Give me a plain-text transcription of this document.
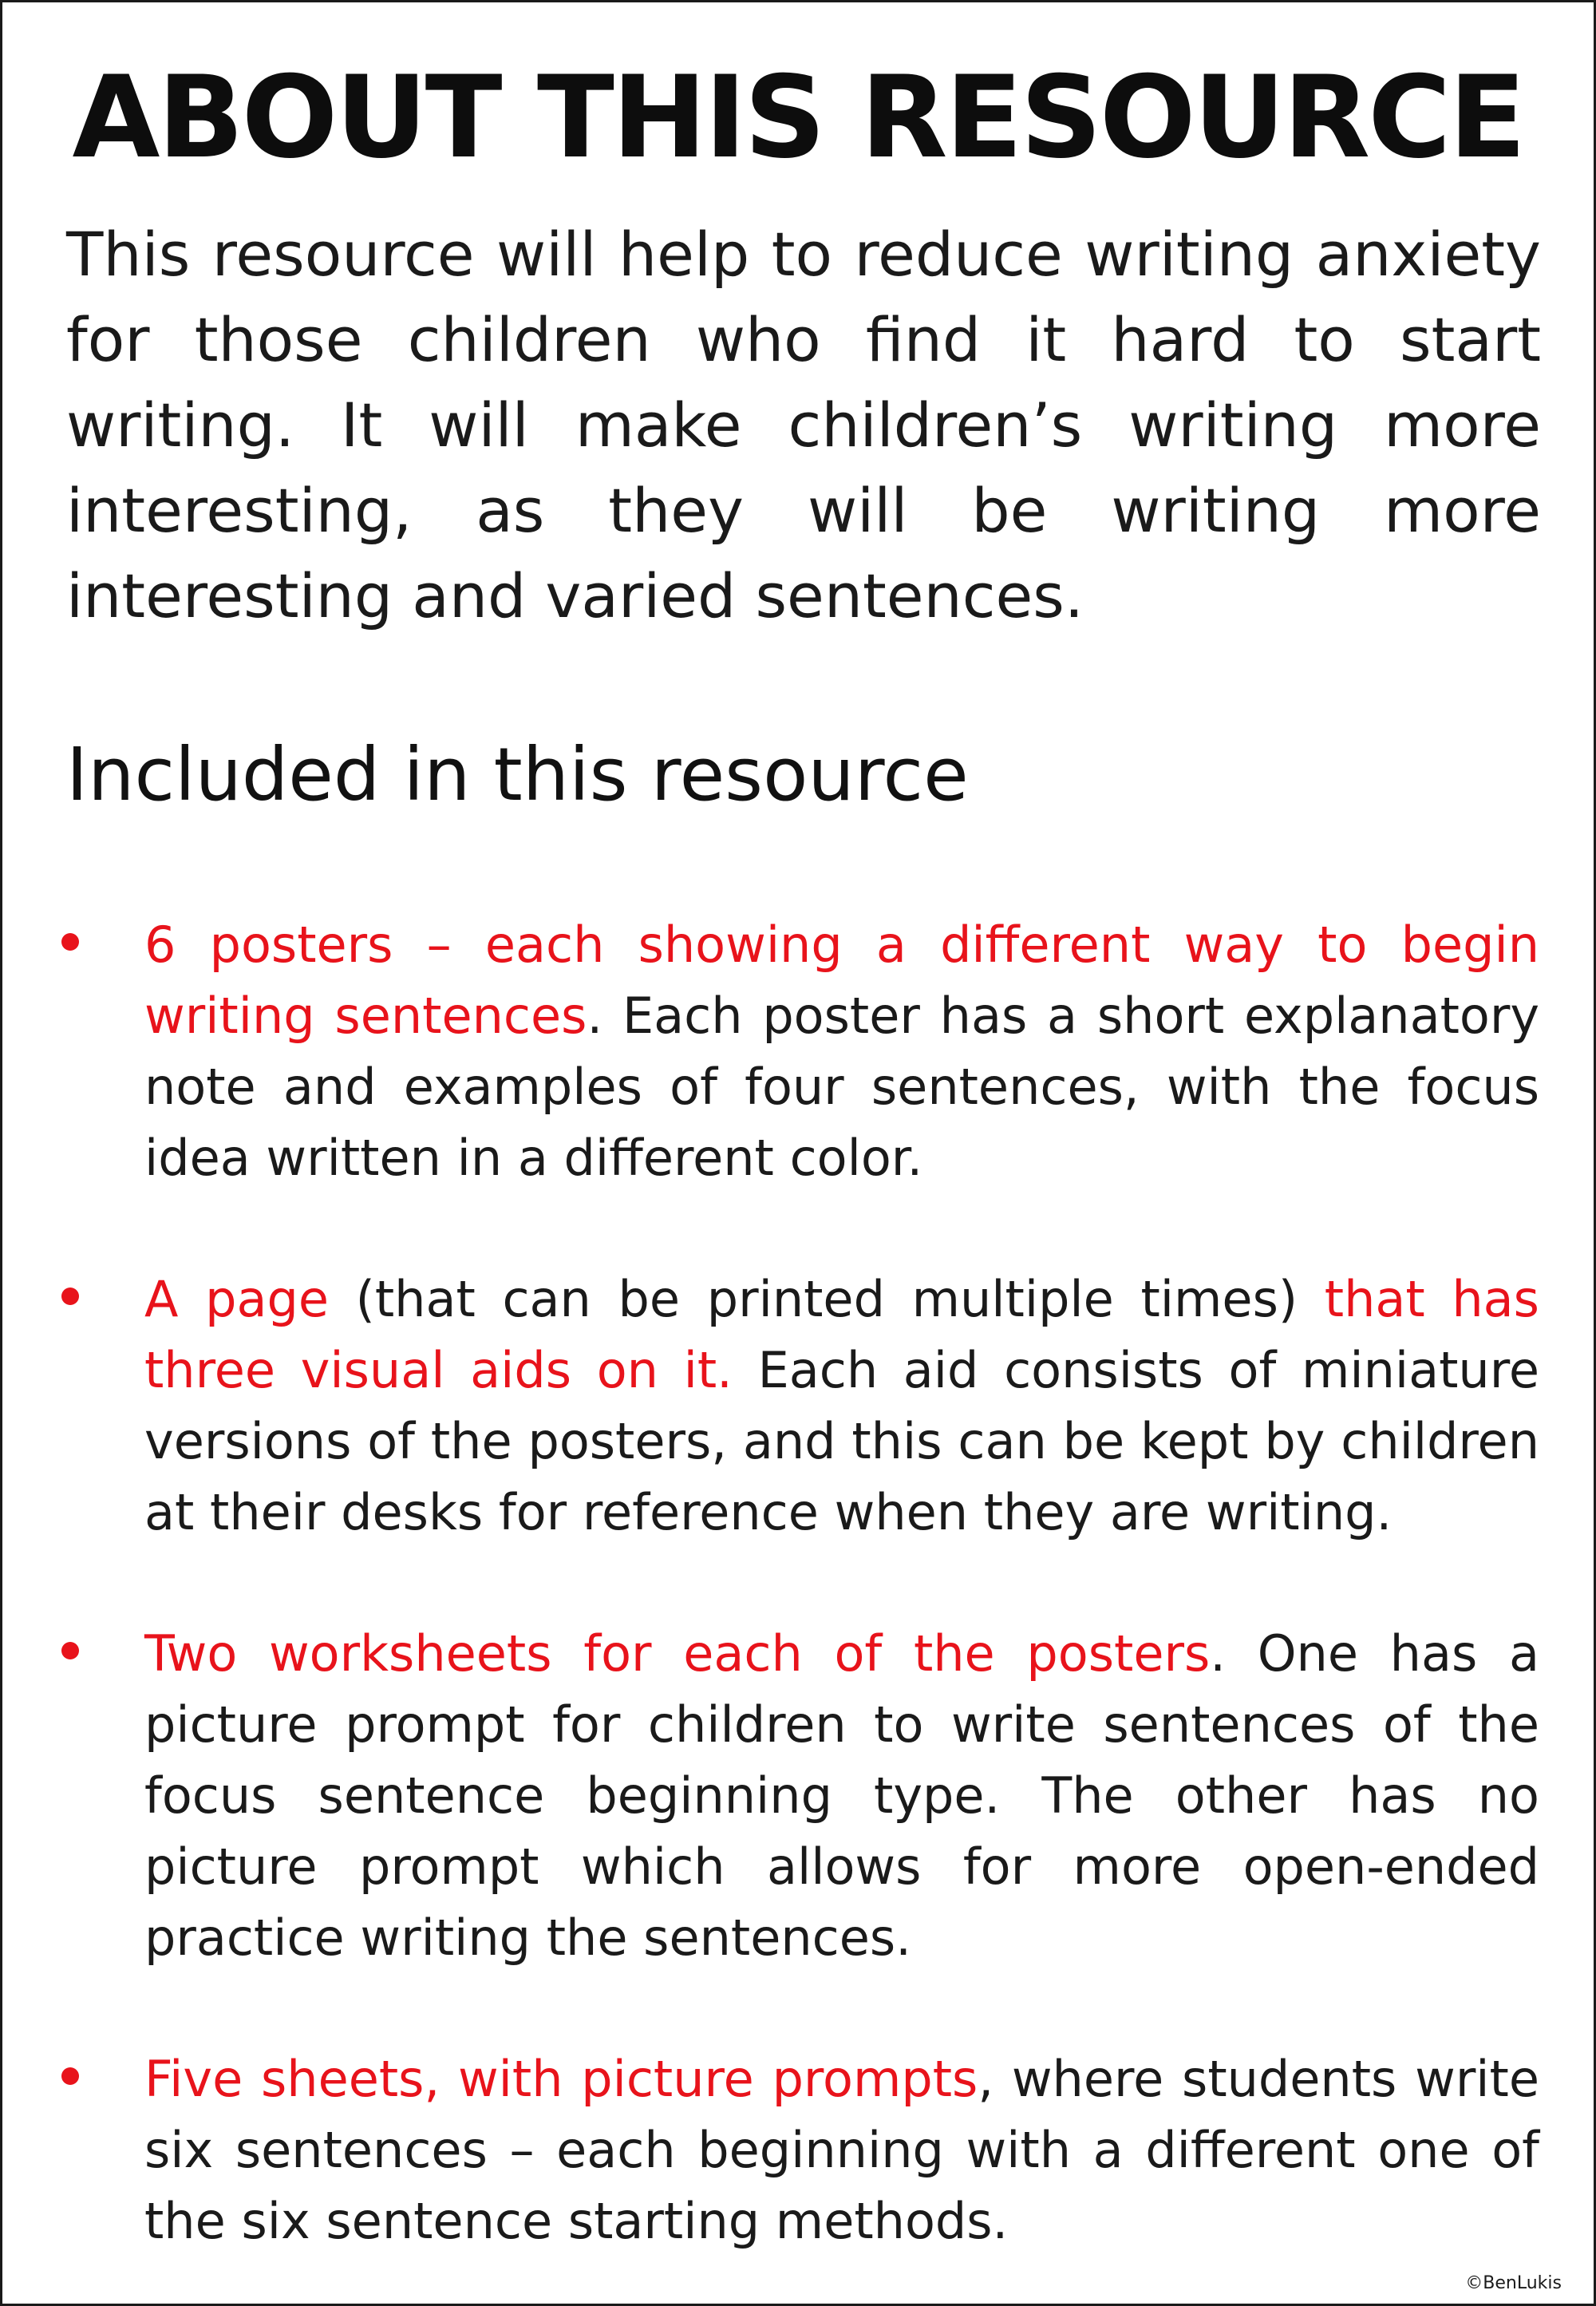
ABOUT THIS RESOURCE

This resource will help to reduce writing anxiety for those children who find it hard to start writing. It will make children’s writing more interesting, as they will be writing more interesting and varied sentences.

Included in this resource
6 posters – each showing a different way to begin writing sentences. Each poster has a short explanatory note and examples of four sentences, with the focus idea written in a different color.
A page (that can be printed multiple times) that has three visual aids on it. Each aid consists of miniature versions of the posters, and this can be kept by children at their desks for reference when they are writing.
Two worksheets for each of the posters. One has a picture prompt for children to write sentences of the focus sentence beginning type. The other has no picture prompt which allows for more open-ended practice writing the sentences.
Five sheets, with picture prompts, where students write six sentences – each beginning with a different one of the six sentence starting methods.
©BenLukis
